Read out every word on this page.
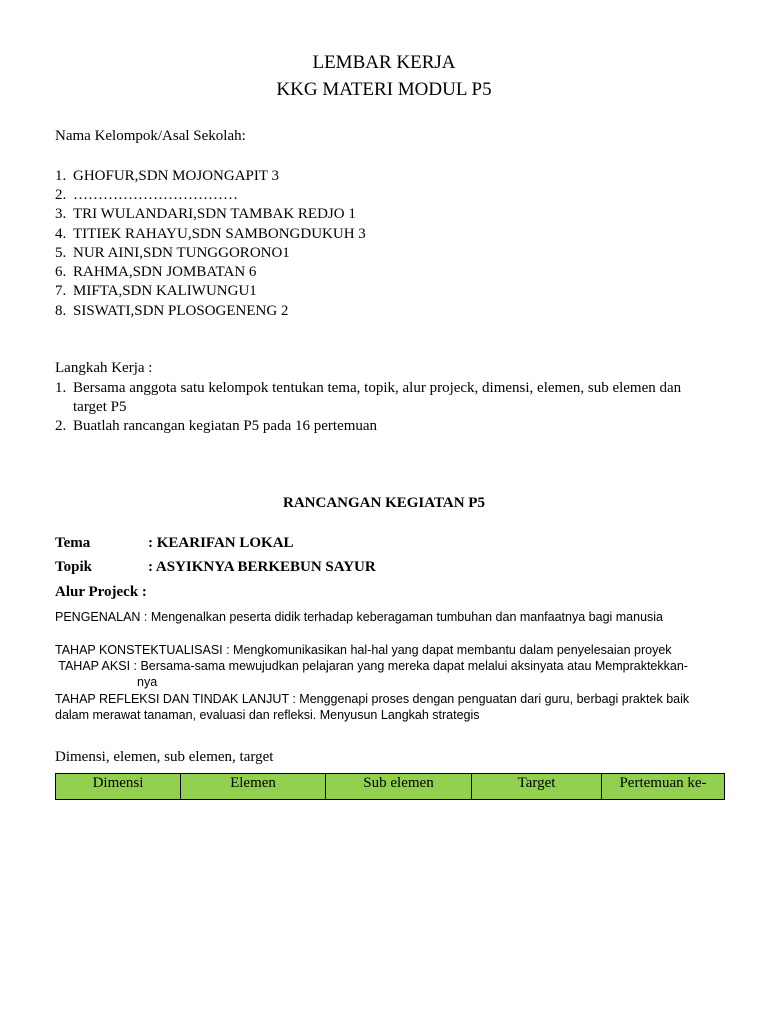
LEMBAR KERJA
KKG MATERI MODUL P5
Nama Kelompok/Asal Sekolah:
1. GHOFUR,SDN MOJONGAPIT 3
2. ……………………………
3. TRI WULANDARI,SDN TAMBAK REDJO 1
4. TITIEK RAHAYU,SDN SAMBONGDUKUH 3
5. NUR AINI,SDN TUNGGORONO1
6. RAHMA,SDN JOMBATAN 6
7. MIFTA,SDN KALIWUNGU1
8. SISWATI,SDN PLOSOGENENG 2
Langkah Kerja :
1. Bersama anggota satu kelompok tentukan tema, topik, alur projeck, dimensi, elemen, sub elemen dan
target P5
2. Buatlah rancangan kegiatan P5 pada 16 pertemuan
RANCANGAN KEGIATAN P5
Tema	: KEARIFAN LOKAL
Topik	: ASYIKNYA BERKEBUN SAYUR
Alur Projeck :
PENGENALAN : Mengenalkan peserta didik terhadap keberagaman tumbuhan dan manfaatnya bagi manusia
TAHAP KONSTEKTUALISASI : Mengkomunikasikan hal-hal yang dapat membantu dalam penyelesaian proyek
TAHAP AKSI : Bersama-sama mewujudkan pelajaran yang mereka dapat melalui aksinyata atau Mempraktekkan-
nya
TAHAP REFLEKSI DAN TINDAK LANJUT : Menggenapi proses dengan penguatan dari guru, berbagi praktek baik
dalam merawat tanaman, evaluasi dan refleksi. Menyusun Langkah strategis
Dimensi, elemen, sub elemen, target
Dimensi	Elemen	Sub elemen	Target	Pertemuan ke-
